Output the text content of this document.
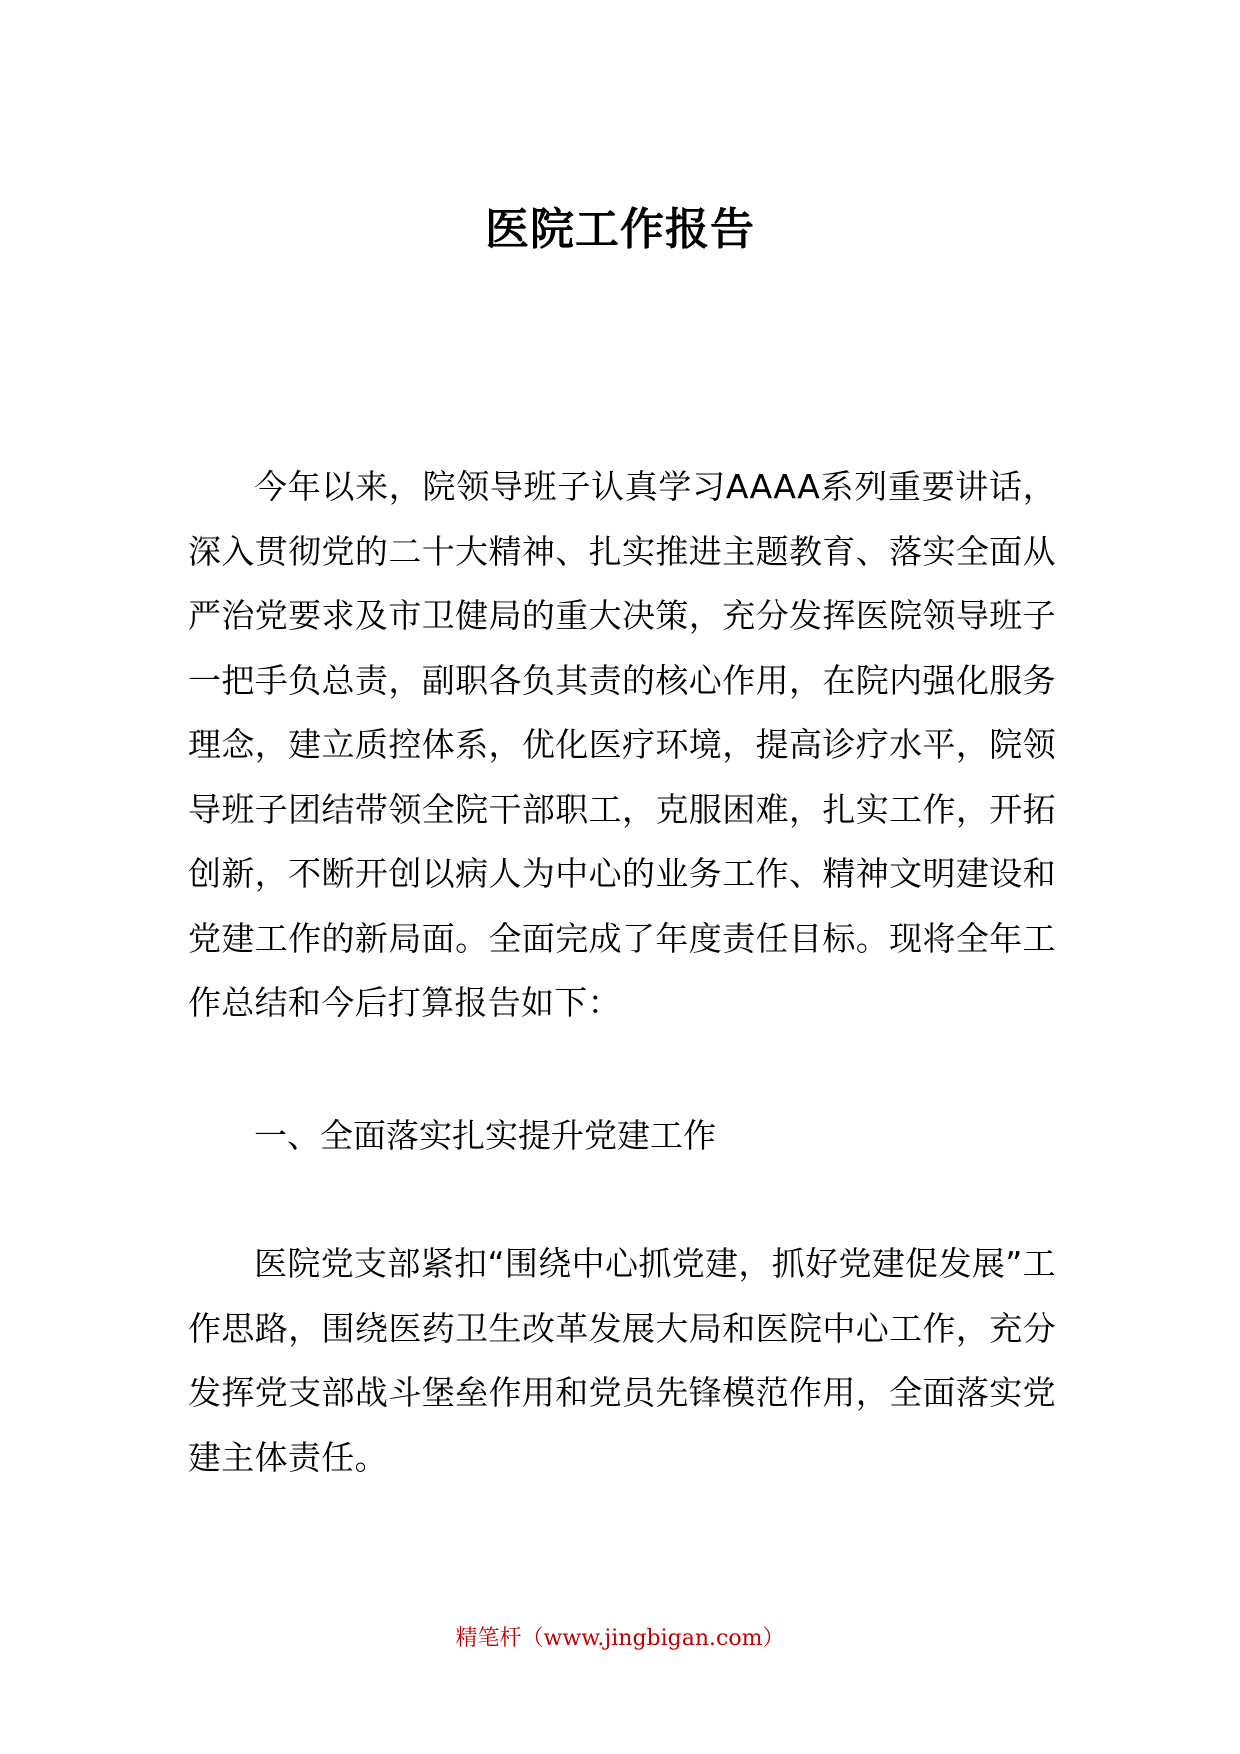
医院工作报告

今年以来，院领导班子认真学习AAAA系列重要讲话，深入贯彻党的二十大精神、扎实推进主题教育、落实全面从严治党要求及市卫健局的重大决策，充分发挥医院领导班子一把手负总责，副职各负其责的核心作用，在院内强化服务理念，建立质控体系，优化医疗环境，提高诊疗水平，院领导班子团结带领全院干部职工，克服困难，扎实工作，开拓创新，不断开创以病人为中心的业务工作、精神文明建设和党建工作的新局面。全面完成了年度责任目标。现将全年工作总结和今后打算报告如下：

一、全面落实扎实提升党建工作

医院党支部紧扣“围绕中心抓党建，抓好党建促发展”工作思路，围绕医药卫生改革发展大局和医院中心工作，充分发挥党支部战斗堡垒作用和党员先锋模范作用，全面落实党建主体责任。

精笔杆（www.jingbigan.com）
